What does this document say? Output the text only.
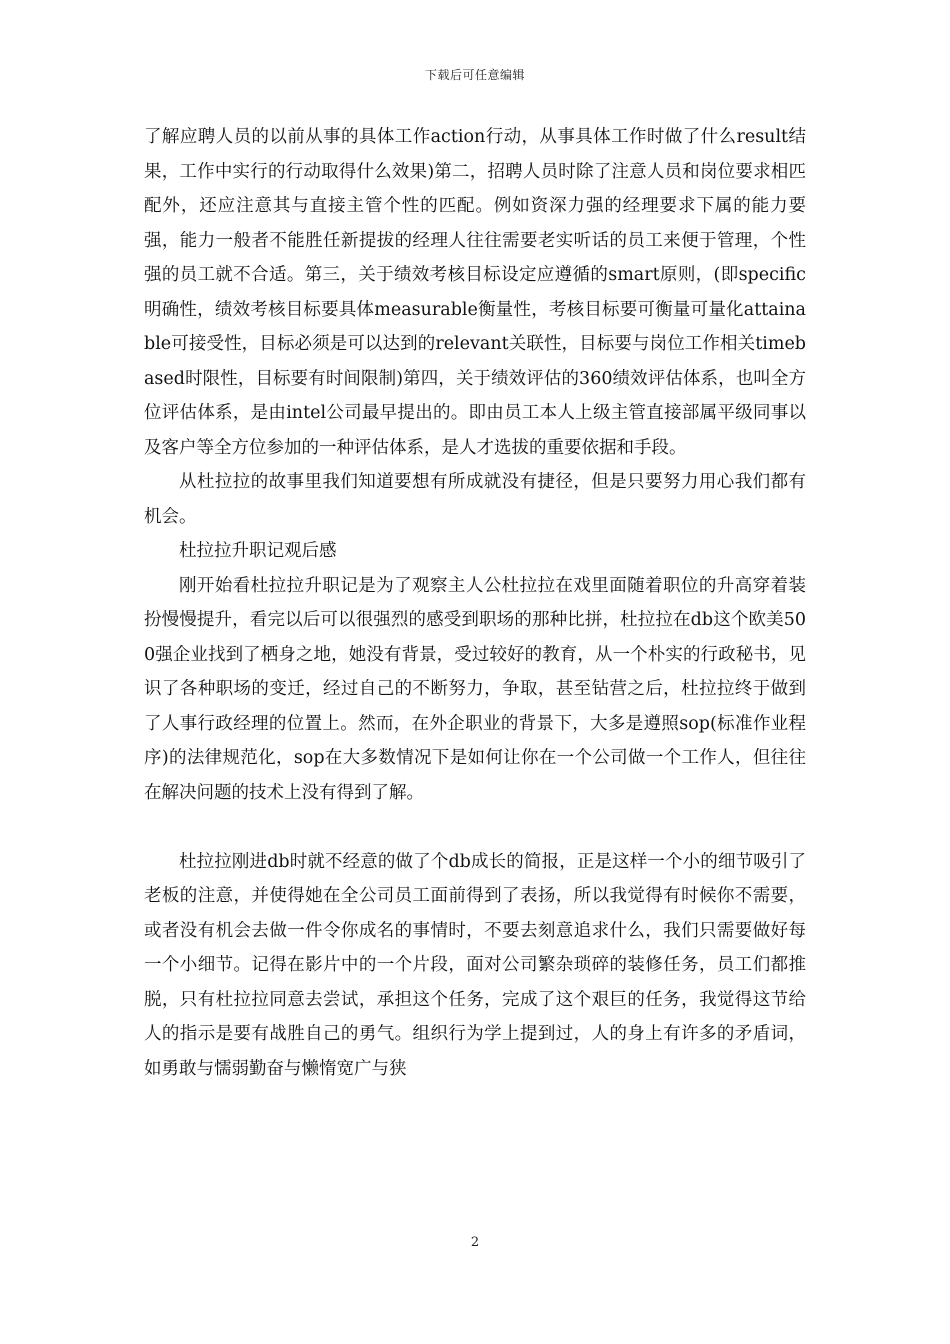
下载后可任意编辑

了解应聘人员的以前从事的具体工作action行动，从事具体工作时做了什么result结果，工作中实行的行动取得什么效果)第二，招聘人员时除了注意人员和岗位要求相匹配外，还应注意其与直接主管个性的匹配。例如资深力强的经理要求下属的能力要强，能力一般者不能胜任新提拔的经理人往往需要老实听话的员工来便于管理，个性强的员工就不合适。第三，关于绩效考核目标设定应遵循的smart原则，(即specific明确性，绩效考核目标要具体measurable衡量性，考核目标要可衡量可量化attainable可接受性，目标必须是可以达到的relevant关联性，目标要与岗位工作相关timebased时限性，目标要有时间限制)第四，关于绩效评估的360绩效评估体系，也叫全方位评估体系，是由intel公司最早提出的。即由员工本人上级主管直接部属平级同事以及客户等全方位参加的一种评估体系，是人才选拔的重要依据和手段。

从杜拉拉的故事里我们知道要想有所成就没有捷径，但是只要努力用心我们都有机会。

杜拉拉升职记观后感

刚开始看杜拉拉升职记是为了观察主人公杜拉拉在戏里面随着职位的升高穿着装扮慢慢提升，看完以后可以很强烈的感受到职场的那种比拼，杜拉拉在db这个欧美500强企业找到了栖身之地，她没有背景，受过较好的教育，从一个朴实的行政秘书，见识了各种职场的变迁，经过自己的不断努力，争取，甚至钻营之后，杜拉拉终于做到了人事行政经理的位置上。然而，在外企职业的背景下，大多是遵照sop(标准作业程序)的法律规范化，sop在大多数情况下是如何让你在一个公司做一个工作人，但往往在解决问题的技术上没有得到了解。

杜拉拉刚进db时就不经意的做了个db成长的简报，正是这样一个小的细节吸引了老板的注意，并使得她在全公司员工面前得到了表扬，所以我觉得有时候你不需要，或者没有机会去做一件令你成名的事情时，不要去刻意追求什么，我们只需要做好每一个小细节。记得在影片中的一个片段，面对公司繁杂琐碎的装修任务，员工们都推脱，只有杜拉拉同意去尝试，承担这个任务，完成了这个艰巨的任务，我觉得这节给人的指示是要有战胜自己的勇气。组织行为学上提到过，人的身上有许多的矛盾词，如勇敢与懦弱勤奋与懒惰宽广与狭

2
